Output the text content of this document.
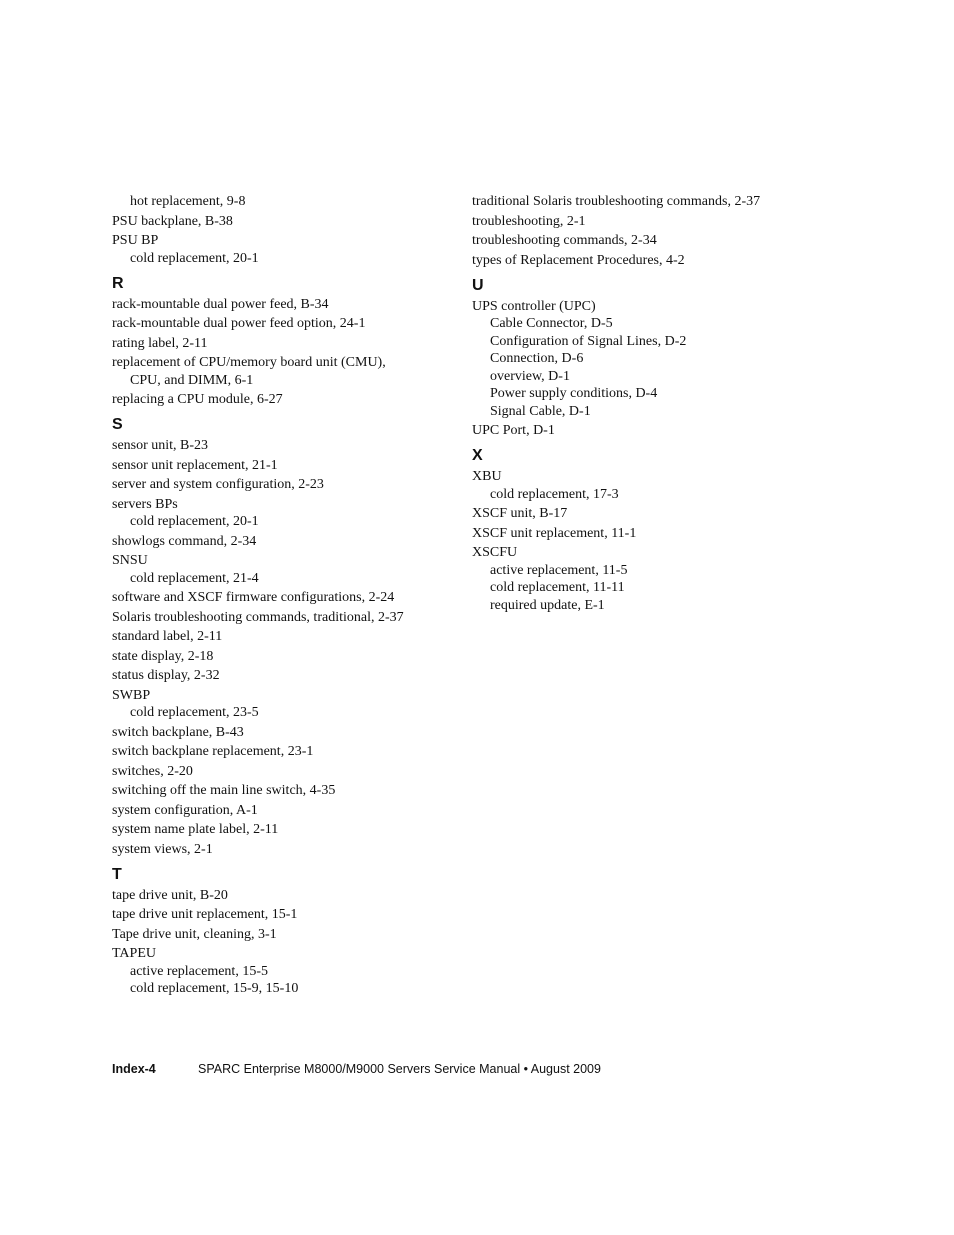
hot replacement, 9-8
PSU backplane, B-38
PSU BP
cold replacement, 20-1
R
rack-mountable dual power feed, B-34
rack-mountable dual power feed option, 24-1
rating label, 2-11
replacement of CPU/memory board unit (CMU),
CPU, and DIMM, 6-1
replacing a CPU module, 6-27
S
sensor unit, B-23
sensor unit replacement, 21-1
server and system configuration, 2-23
servers BPs
cold replacement, 20-1
showlogs command, 2-34
SNSU
cold replacement, 21-4
software and XSCF firmware configurations, 2-24
Solaris troubleshooting commands, traditional, 2-37
standard label, 2-11
state display, 2-18
status display, 2-32
SWBP
cold replacement, 23-5
switch backplane, B-43
switch backplane replacement, 23-1
switches, 2-20
switching off the main line switch, 4-35
system configuration, A-1
system name plate label, 2-11
system views, 2-1
T
tape drive unit, B-20
tape drive unit replacement, 15-1
Tape drive unit, cleaning, 3-1
TAPEU
active replacement, 15-5
cold replacement, 15-9, 15-10
traditional Solaris troubleshooting commands, 2-37
troubleshooting, 2-1
troubleshooting commands, 2-34
types of Replacement Procedures, 4-2
U
UPS controller (UPC)
Cable Connector, D-5
Configuration of Signal Lines, D-2
Connection, D-6
overview, D-1
Power supply conditions, D-4
Signal Cable, D-1
UPC Port, D-1
X
XBU
cold replacement, 17-3
XSCF unit, B-17
XSCF unit replacement, 11-1
XSCFU
active replacement, 11-5
cold replacement, 11-11
required update, E-1
Index-4	SPARC Enterprise M8000/M9000 Servers Service Manual • August 2009
